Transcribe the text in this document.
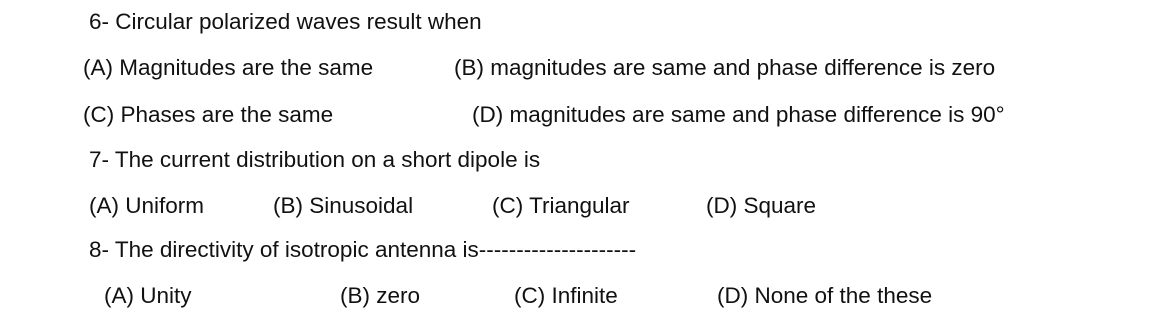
6- Circular polarized waves result when
(A) Magnitudes are the same	(B) magnitudes are same and phase difference is zero
(C) Phases are the same	(D) magnitudes are same and phase difference is 90°
7- The current distribution on a short dipole is
(A) Uniform	(B) Sinusoidal	(C) Triangular	(D) Square
8- The directivity of isotropic antenna is---------------------
(A) Unity	(B) zero	(C) Infinite	(D) None of the these
